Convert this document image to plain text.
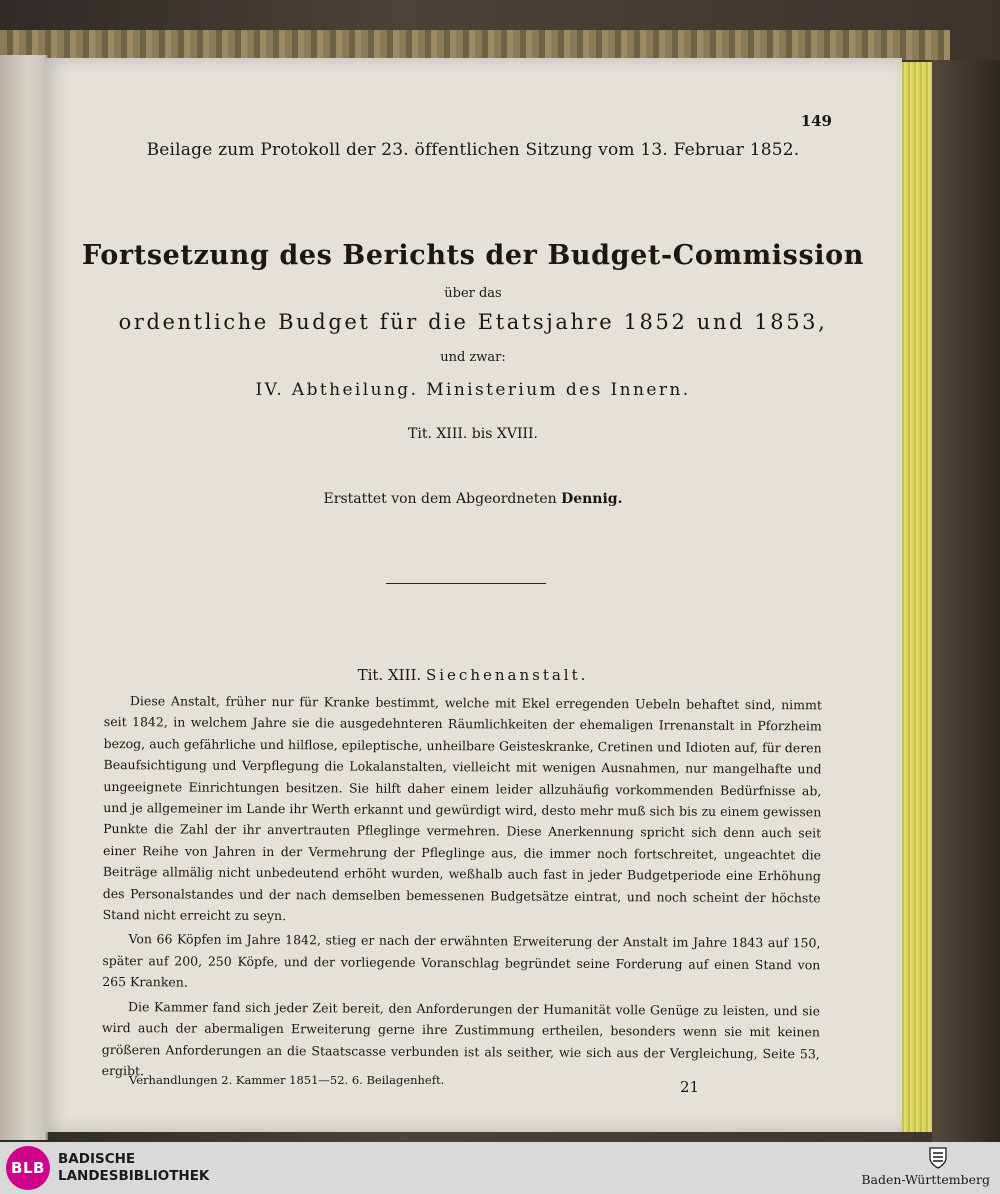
149
Beilage zum Protokoll der 23. öffentlichen Sitzung vom 13. Februar 1852.
Fortsetzung des Berichts der Budget-Commission
über das
ordentliche Budget für die Etatsjahre 1852 und 1853,
und zwar:
IV. Abtheilung. Ministerium des Innern.
Tit. XIII. bis XVIII.
Erstattet von dem Abgeordneten Dennig.
Tit. XIII. Siechenanstalt.

Diese Anstalt, früher nur für Kranke bestimmt, welche mit Ekel erregenden Uebeln behaftet sind, nimmt seit 1842, in welchem Jahre sie die ausgedehnteren Räumlichkeiten der ehemaligen Irrenanstalt in Pforzheim bezog, auch gefährliche und hilflose, epileptische, unheilbare Geisteskranke, Cretinen und Idioten auf, für deren Beaufsichtigung und Verpflegung die Lokalanstalten, vielleicht mit wenigen Ausnahmen, nur mangelhafte und ungeeignete Einrichtungen besitzen. Sie hilft daher einem leider allzuhäufig vorkommenden Bedürfnisse ab, und je allgemeiner im Lande ihr Werth erkannt und gewürdigt wird, desto mehr muß sich bis zu einem gewissen Punkte die Zahl der ihr anvertrauten Pfleglinge vermehren. Diese Anerkennung spricht sich denn auch seit einer Reihe von Jahren in der Vermehrung der Pfleglinge aus, die immer noch fortschreitet, ungeachtet die Beiträge allmälig nicht unbedeutend erhöht wurden, weßhalb auch fast in jeder Budgetperiode eine Erhöhung des Personalstandes und der nach demselben bemessenen Budgetsätze eintrat, und noch scheint der höchste Stand nicht erreicht zu seyn.

Von 66 Köpfen im Jahre 1842, stieg er nach der erwähnten Erweiterung der Anstalt im Jahre 1843 auf 150, später auf 200, 250 Köpfe, und der vorliegende Voranschlag begründet seine Forderung auf einen Stand von 265 Kranken.

Die Kammer fand sich jeder Zeit bereit, den Anforderungen der Humanität volle Genüge zu leisten, und sie wird auch der abermaligen Erweiterung gerne ihre Zustimmung ertheilen, besonders wenn sie mit keinen größeren Anforderungen an die Staatscasse verbunden ist als seither, wie sich aus der Vergleichung, Seite 53, ergibt.

Verhandlungen 2. Kammer 1851—52. 6. Beilagenheft.	21
BLB BADISCHE
LANDESBIBLIOTHEK	Baden-Württemberg
